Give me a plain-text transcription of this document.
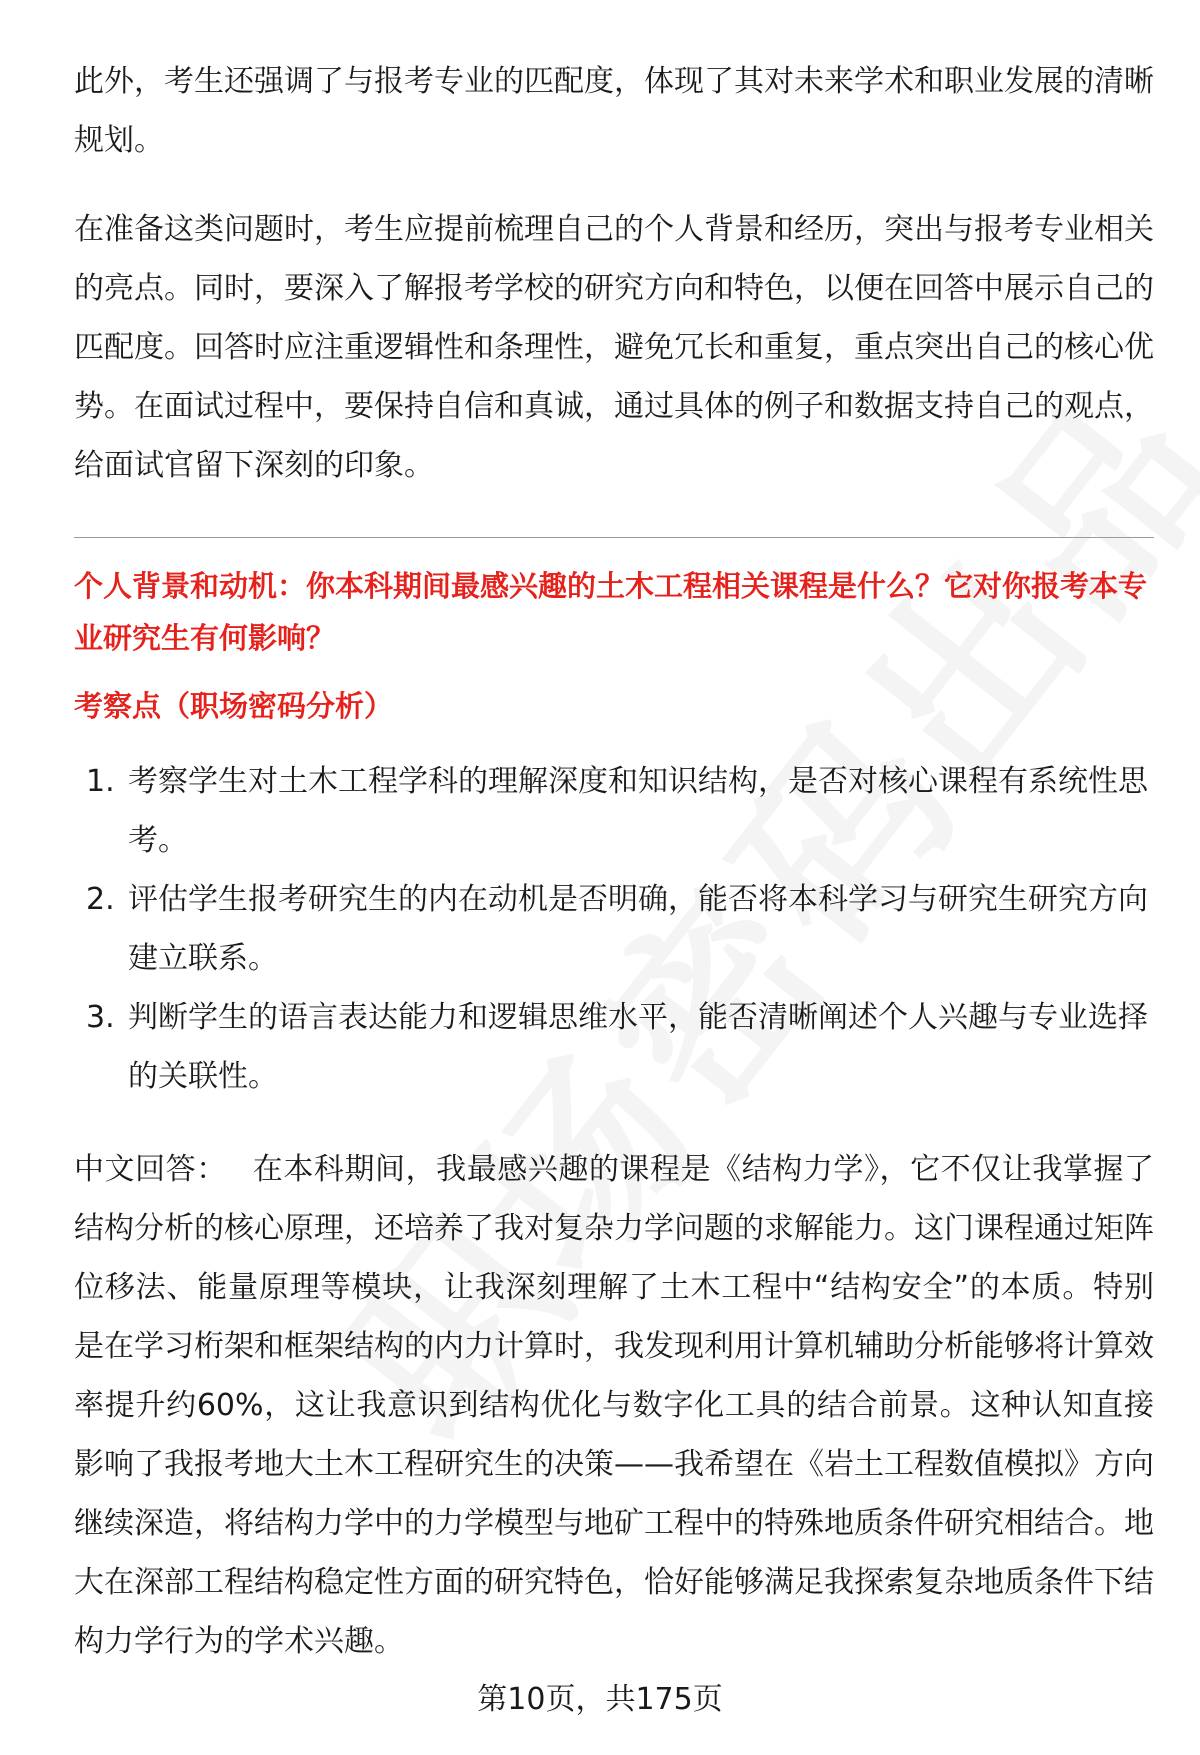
此外，考生还强调了与报考专业的匹配度，体现了其对未来学术和职业发展的清晰规划。

在准备这类问题时，考生应提前梳理自己的个人背景和经历，突出与报考专业相关的亮点。同时，要深入了解报考学校的研究方向和特色，以便在回答中展示自己的匹配度。回答时应注重逻辑性和条理性，避免冗长和重复，重点突出自己的核心优势。在面试过程中，要保持自信和真诚，通过具体的例子和数据支持自己的观点，给面试官留下深刻的印象。

个人背景和动机：你本科期间最感兴趣的土木工程相关课程是什么？它对你报考本专业研究生有何影响？

考察点（职场密码分析）

1. 考察学生对土木工程学科的理解深度和知识结构，是否对核心课程有系统性思考。
2. 评估学生报考研究生的内在动机是否明确，能否将本科学习与研究生研究方向建立联系。
3. 判断学生的语言表达能力和逻辑思维水平，能否清晰阐述个人兴趣与专业选择的关联性。

中文回答： 在本科期间，我最感兴趣的课程是《结构力学》，它不仅让我掌握了结构分析的核心原理，还培养了我对复杂力学问题的求解能力。这门课程通过矩阵位移法、能量原理等模块，让我深刻理解了土木工程中“结构安全”的本质。特别是在学习桁架和框架结构的内力计算时，我发现利用计算机辅助分析能够将计算效率提升约60%，这让我意识到结构优化与数字化工具的结合前景。这种认知直接影响了我报考地大土木工程研究生的决策——我希望在《岩土工程数值模拟》方向继续深造，将结构力学中的力学模型与地矿工程中的特殊地质条件研究相结合。地大在深部工程结构稳定性方面的研究特色，恰好能够满足我探索复杂地质条件下结构力学行为的学术兴趣。

第10页，共175页
